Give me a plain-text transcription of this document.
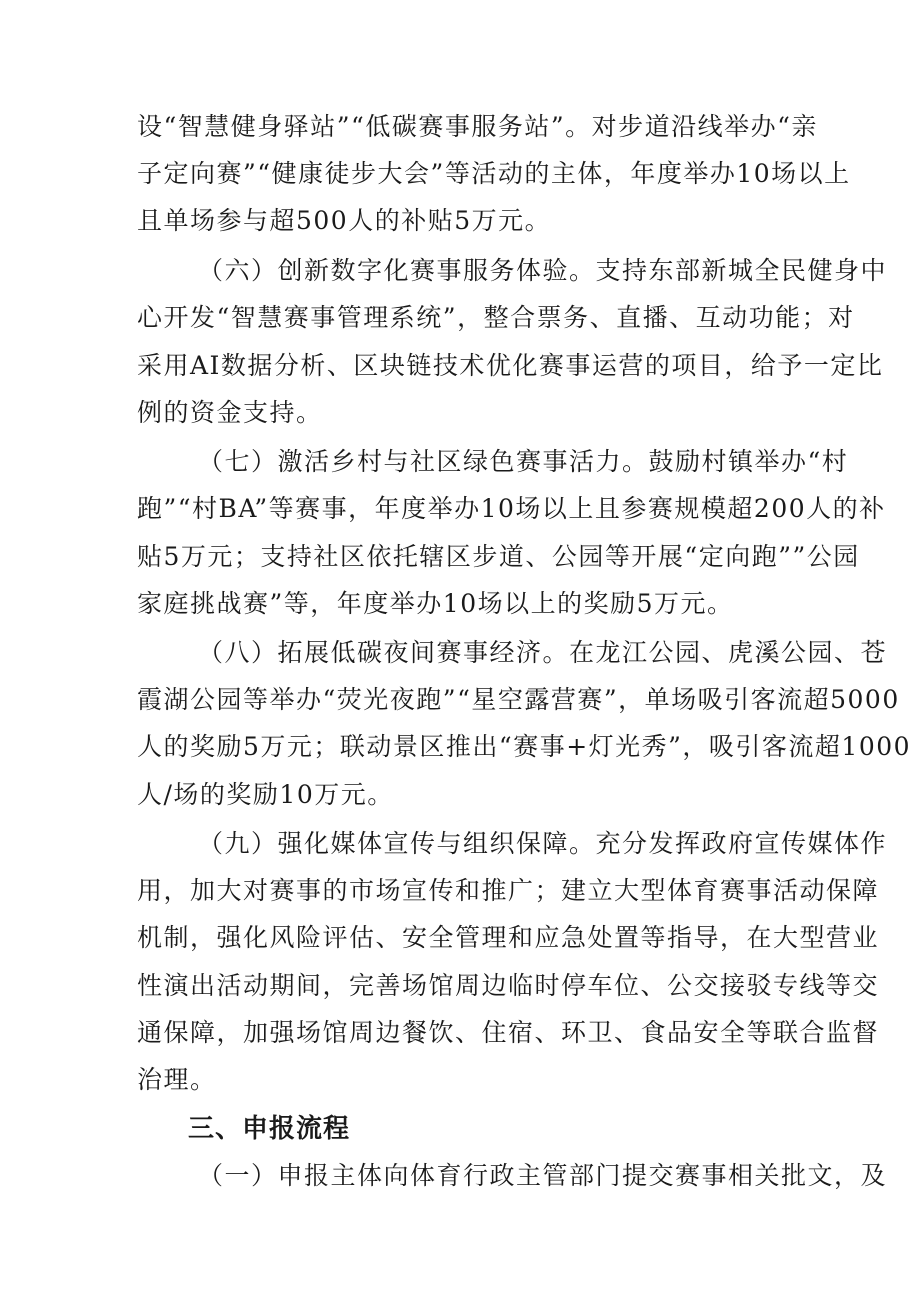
设“智慧健身驿站”“低碳赛事服务站”。对步道沿线举办“亲
子定向赛”“健康徒步大会”等活动的主体，年度举办10场以上
且单场参与超500人的补贴5万元。
（六）创新数字化赛事服务体验。支持东部新城全民健身中
心开发“智慧赛事管理系统”，整合票务、直播、互动功能；对
采用AI数据分析、区块链技术优化赛事运营的项目，给予一定比
例的资金支持。
（七）激活乡村与社区绿色赛事活力。鼓励村镇举办“村
跑”“村BA”等赛事，年度举办10场以上且参赛规模超200人的补
贴5万元；支持社区依托辖区步道、公园等开展“定向跑””公园
家庭挑战赛”等，年度举办10场以上的奖励5万元。
（八）拓展低碳夜间赛事经济。在龙江公园、虎溪公园、苍
霞湖公园等举办“荧光夜跑”“星空露营赛”，单场吸引客流超5000
人的奖励5万元；联动景区推出“赛事+灯光秀”，吸引客流超1000
人/场的奖励10万元。
（九）强化媒体宣传与组织保障。充分发挥政府宣传媒体作
用，加大对赛事的市场宣传和推广；建立大型体育赛事活动保障
机制，强化风险评估、安全管理和应急处置等指导，在大型营业
性演出活动期间，完善场馆周边临时停车位、公交接驳专线等交
通保障，加强场馆周边餐饮、住宿、环卫、食品安全等联合监督
治理。
三、申报流程
（一）申报主体向体育行政主管部门提交赛事相关批文，及
